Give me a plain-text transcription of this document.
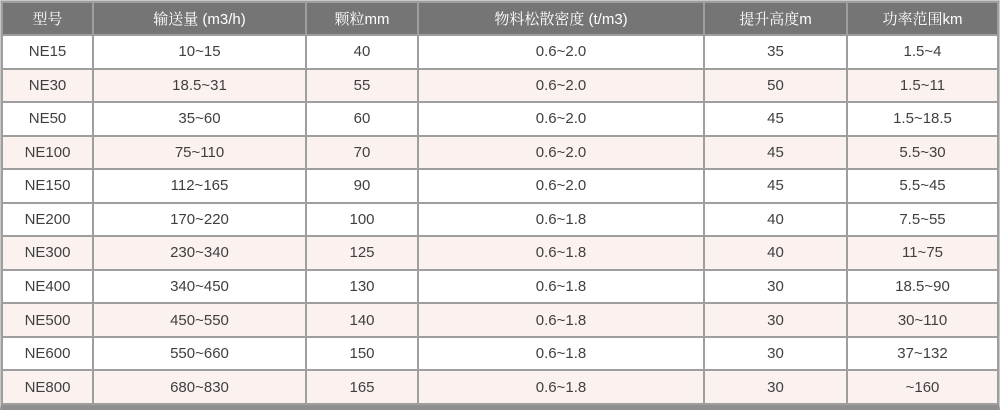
型号	输送量 (m3/h)	颗粒mm	物料松散密度 (t/m3)	提升高度m	功率范围km
NE15	10~15	40	0.6~2.0	35	1.5~4
NE30	18.5~31	55	0.6~2.0	50	1.5~11
NE50	35~60	60	0.6~2.0	45	1.5~18.5
NE100	75~110	70	0.6~2.0	45	5.5~30
NE150	112~165	90	0.6~2.0	45	5.5~45
NE200	170~220	100	0.6~1.8	40	7.5~55
NE300	230~340	125	0.6~1.8	40	11~75
NE400	340~450	130	0.6~1.8	30	18.5~90
NE500	450~550	140	0.6~1.8	30	30~110
NE600	550~660	150	0.6~1.8	30	37~132
NE800	680~830	165	0.6~1.8	30	~160
